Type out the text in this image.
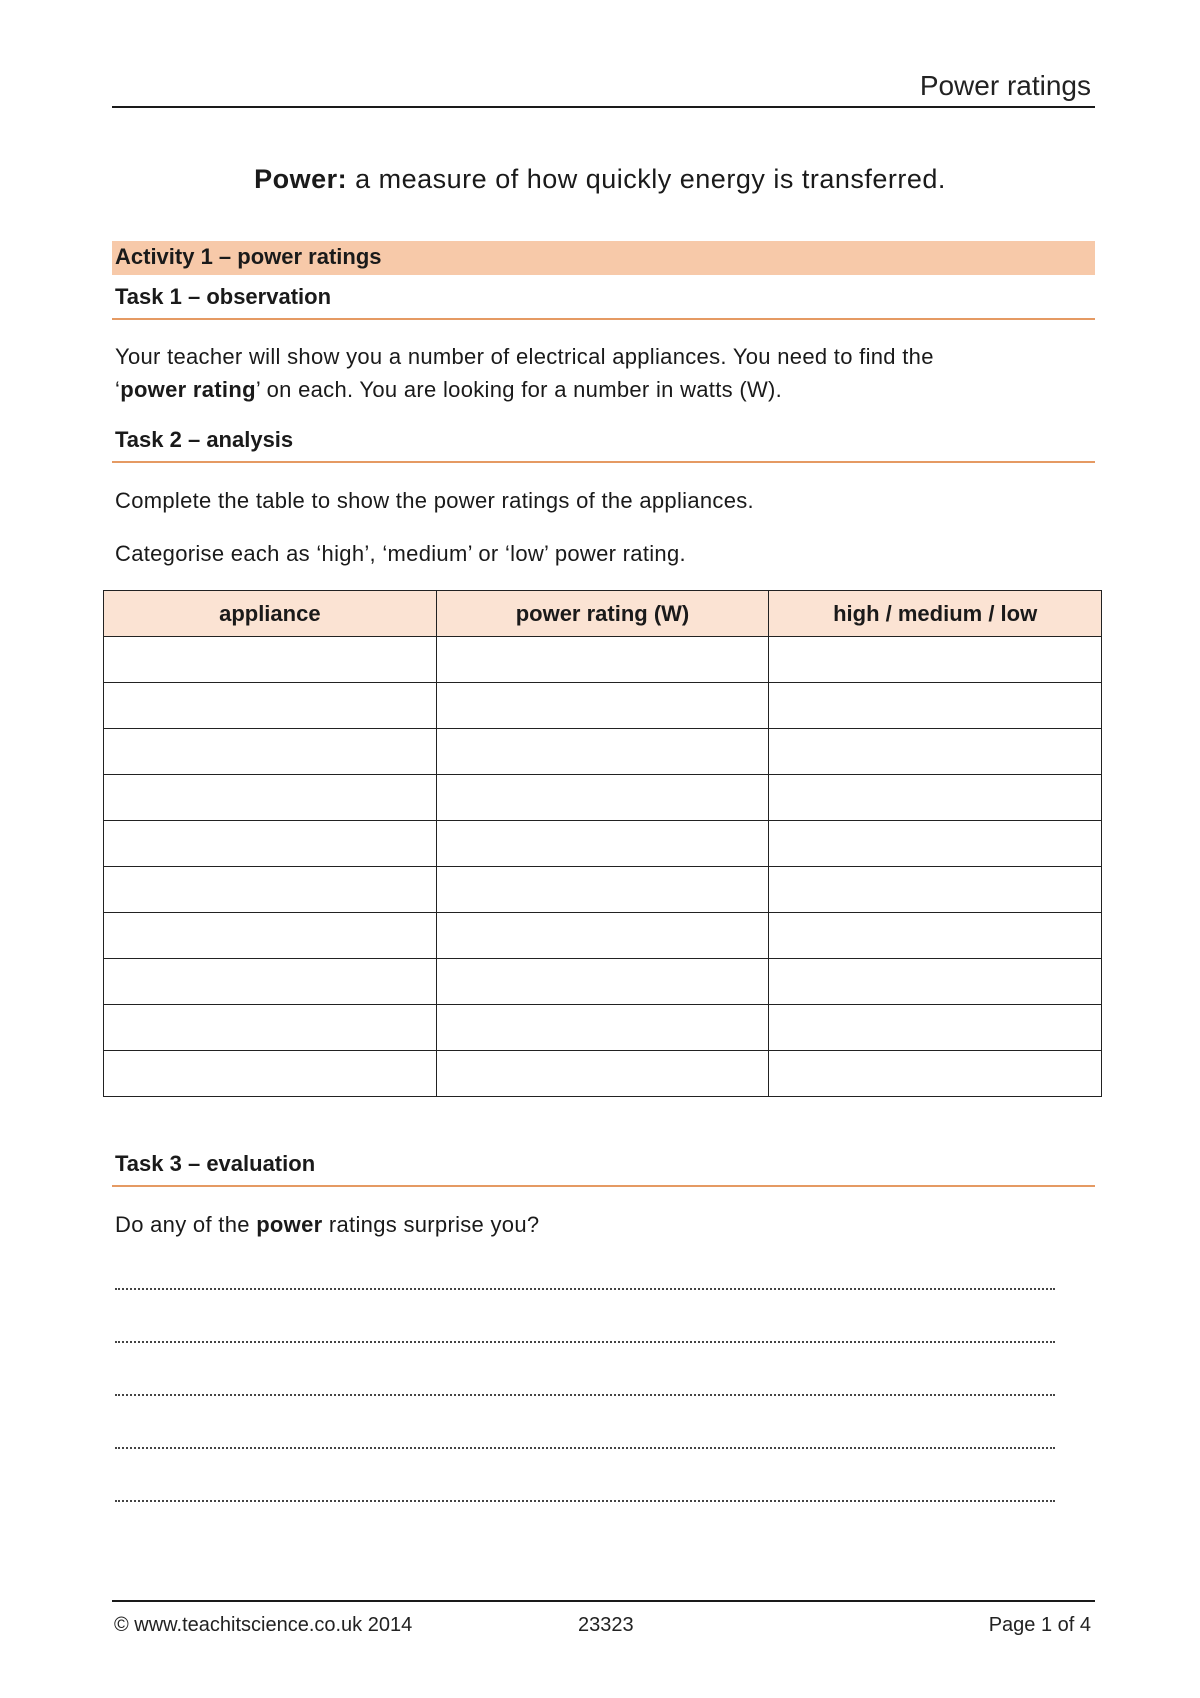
Power ratings
Power: a measure of how quickly energy is transferred.
Activity 1 – power ratings
Task 1 – observation
Your teacher will show you a number of electrical appliances. You need to find the
‘power rating’ on each. You are looking for a number in watts (W).
Task 2 – analysis
Complete the table to show the power ratings of the appliances.
Categorise each as ‘high’, ‘medium’ or ‘low’ power rating.
appliance	power rating (W)	high / medium / low

Task 3 – evaluation
Do any of the power ratings surprise you?
© www.teachitscience.co.uk 2014	23323	Page 1 of 4
